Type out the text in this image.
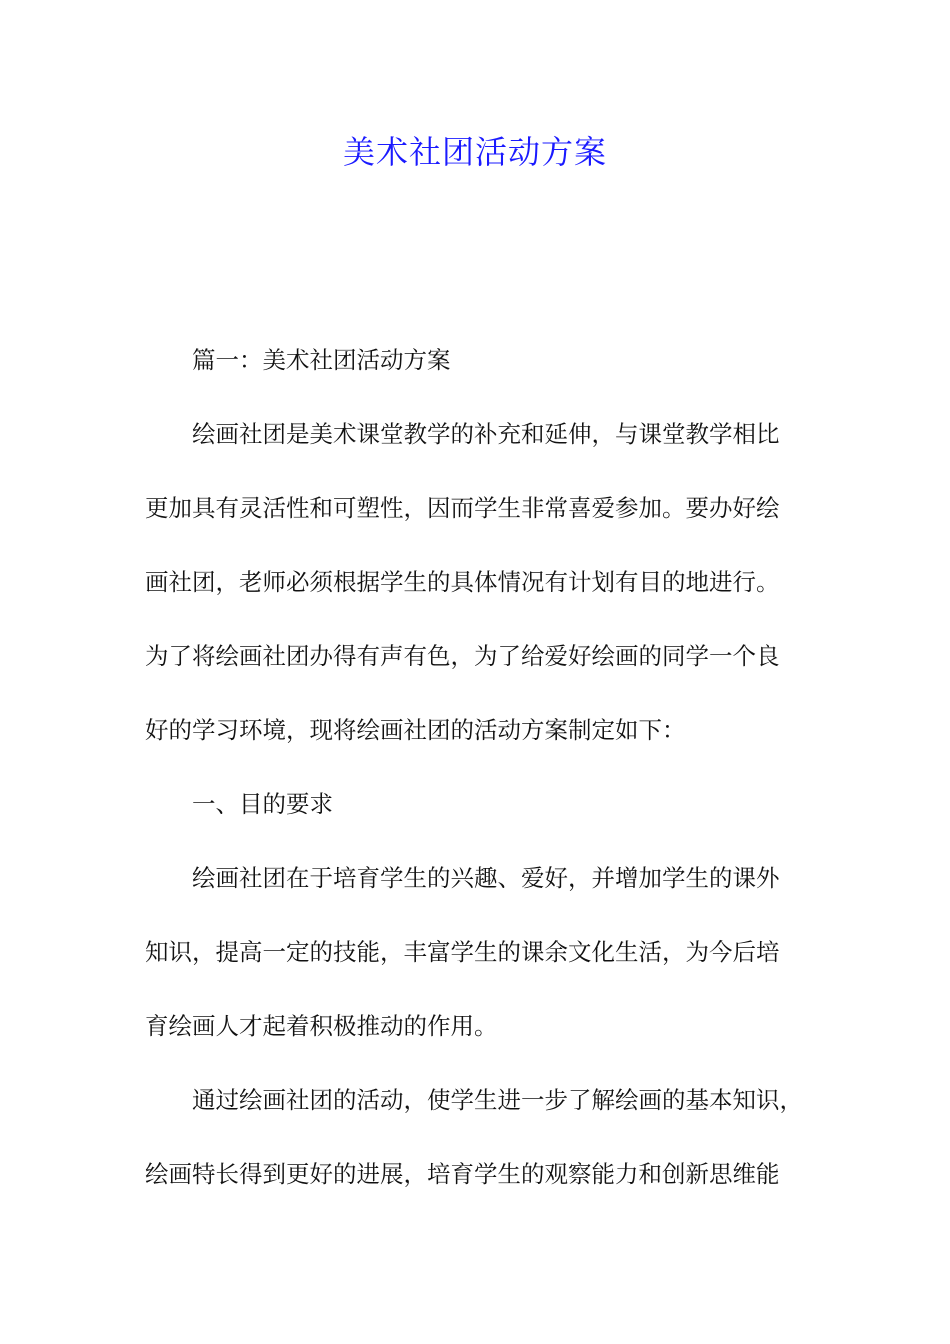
美术社团活动方案
篇一：美术社团活动方案
绘画社团是美术课堂教学的补充和延伸，与课堂教学相比
更加具有灵活性和可塑性，因而学生非常喜爱参加。要办好绘
画社团，老师必须根据学生的具体情况有计划有目的地进行。
为了将绘画社团办得有声有色，为了给爱好绘画的同学一个良
好的学习环境，现将绘画社团的活动方案制定如下：
一、目的要求
绘画社团在于培育学生的兴趣、爱好，并增加学生的课外
知识，提高一定的技能，丰富学生的课余文化生活，为今后培
育绘画人才起着积极推动的作用。
通过绘画社团的活动，使学生进一步了解绘画的基本知识，
绘画特长得到更好的进展，培育学生的观察能力和创新思维能
